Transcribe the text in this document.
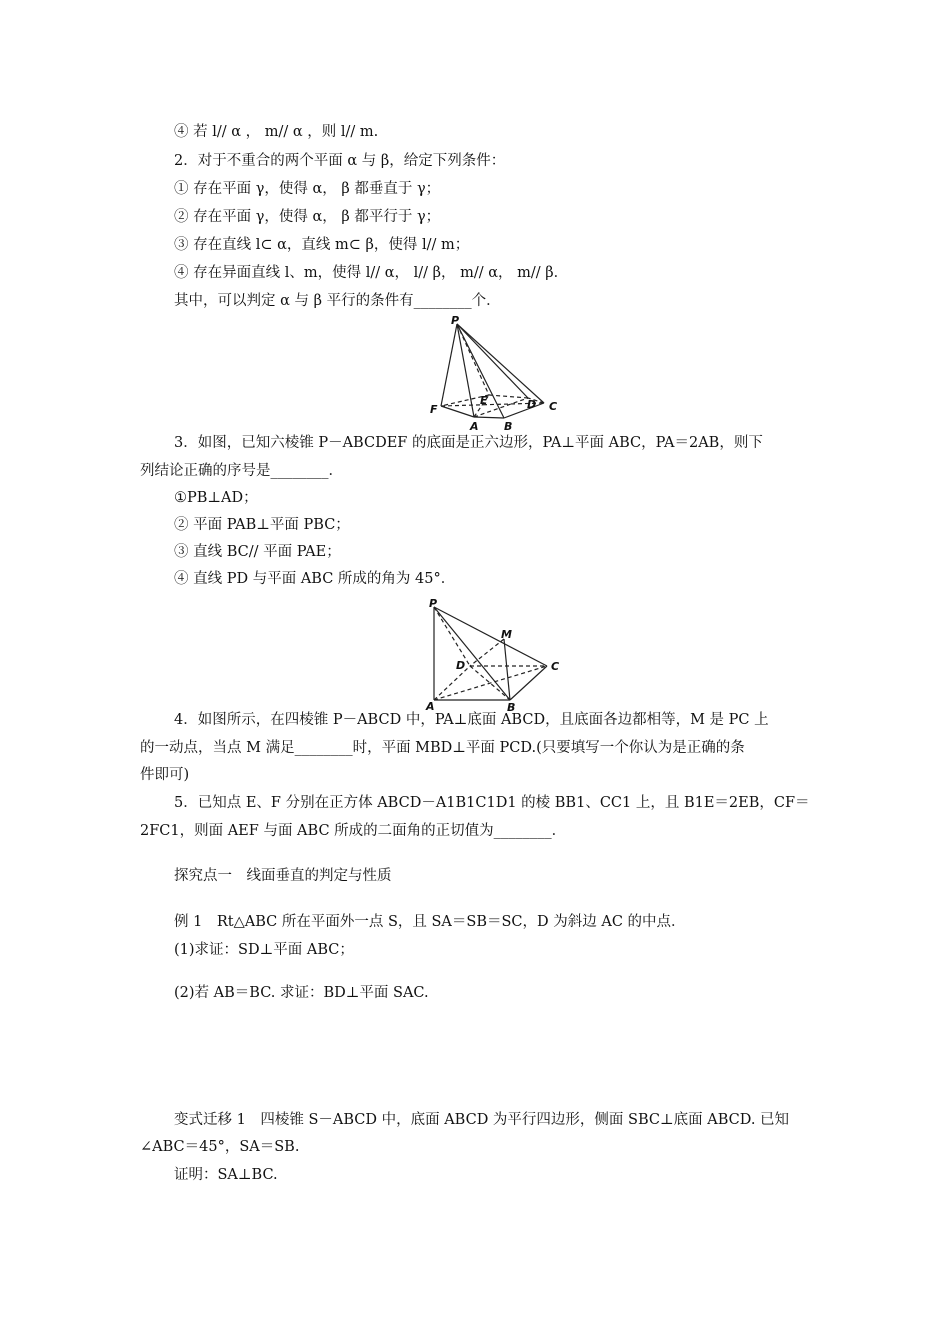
④ 若 l// α ， m// α ，则 l// m.
2．对于不重合的两个平面 α 与 β，给定下列条件：
① 存在平面 γ，使得 α， β 都垂直于 γ；
② 存在平面 γ，使得 α， β 都平行于 γ；
③ 存在直线 l⊂ α，直线 m⊂ β，使得 l// m；
④ 存在异面直线 l、m，使得 l// α， l// β， m// α， m// β．
其中，可以判定 α 与 β 平行的条件有________个．
P
F
E	D C
A B
3．如图，已知六棱锥 P－ABCDEF 的底面是正六边形，PA⊥平面 ABC，PA＝2AB，则下
列结论正确的序号是________．
①PB⊥AD；
② 平面 PAB⊥平面 PBC；
③ 直线 BC// 平面 PAE；
④ 直线 PD 与平面 ABC 所成的角为 45°．
P
M
D	C
A	B
4．如图所示，在四棱锥 P－ABCD 中，PA⊥底面 ABCD，且底面各边都相等，M 是 PC 上
的一动点，当点 M 满足________时，平面 MBD⊥平面 PCD.(只要填写一个你认为是正确的条
件即可)
5．已知点 E、F 分别在正方体 ABCD－A1B1C1D1 的棱 BB1、CC1 上，且 B1E＝2EB，CF＝
2FC1，则面 AEF 与面 ABC 所成的二面角的正切值为________．
探究点一　线面垂直的判定与性质
例 1　Rt△ABC 所在平面外一点 S，且 SA＝SB＝SC，D 为斜边 AC 的中点．
(1)求证：SD⊥平面 ABC；
(2)若 AB＝BC. 求证：BD⊥平面 SAC.
变式迁移 1　四棱锥 S－ABCD 中，底面 ABCD 为平行四边形，侧面 SBC⊥底面 ABCD. 已知
∠ABC＝45°，SA＝SB.
证明：SA⊥BC.
